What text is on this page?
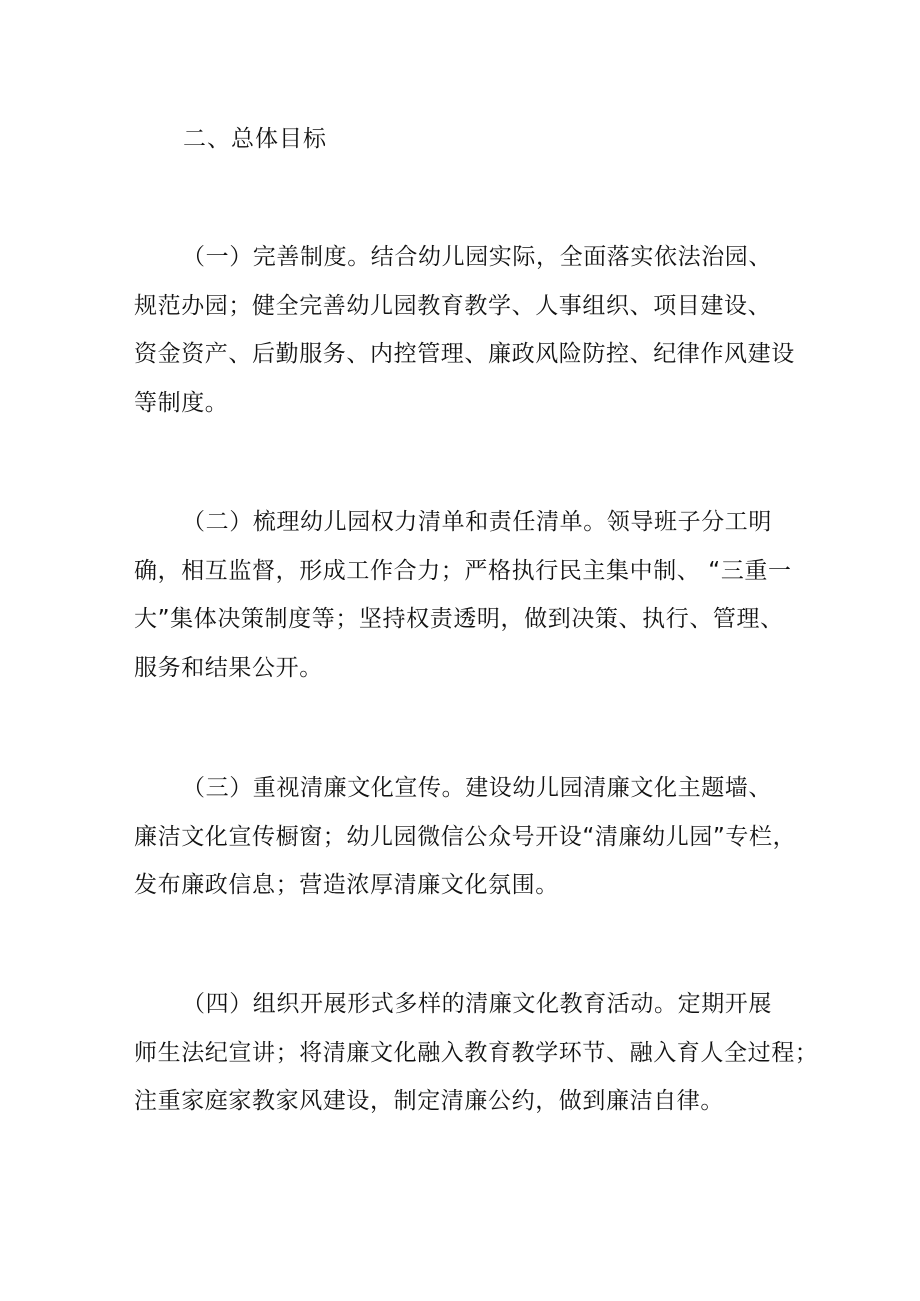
二、总体目标
（一）完善制度。结合幼儿园实际，全面落实依法治园、
规范办园；健全完善幼儿园教育教学、人事组织、项目建设、
资金资产、后勤服务、内控管理、廉政风险防控、纪律作风建设
等制度。
（二）梳理幼儿园权力清单和责任清单。领导班子分工明
确，相互监督，形成工作合力；严格执行民主集中制、 “三重一
大”集体决策制度等；坚持权责透明，做到决策、执行、管理、
服务和结果公开。
（三）重视清廉文化宣传。建设幼儿园清廉文化主题墙、
廉洁文化宣传橱窗；幼儿园微信公众号开设“清廉幼儿园”专栏，
发布廉政信息；营造浓厚清廉文化氛围。
（四）组织开展形式多样的清廉文化教育活动。定期开展
师生法纪宣讲；将清廉文化融入教育教学环节、融入育人全过程；
注重家庭家教家风建设，制定清廉公约，做到廉洁自律。
